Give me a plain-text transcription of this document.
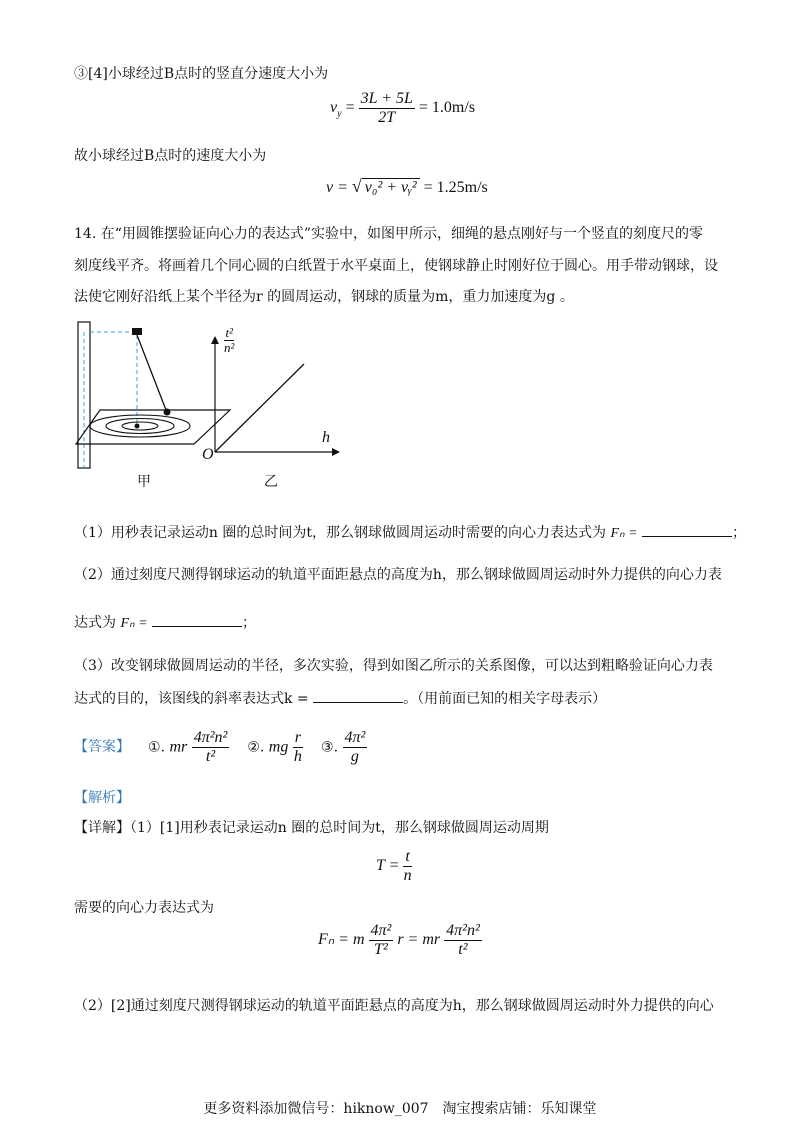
③[4]小球经过B点时的竖直分速度大小为
$v_y = \frac{3L + 5L}{2T} = 1.0m/s$
故小球经过B点时的速度大小为
v = √ v₀² + vᵧ² = 1.25m/s
14. 在“用圆锥摆验证向心力的表达式”实验中，如图甲所示，细绳的悬点刚好与一个竖直的刻度尺的零
刻度线平齐。将画着几个同心圆的白纸置于水平桌面上，使钢球静止时刚好位于圆心。用手带动钢球，设
法使它刚好沿纸上某个半径为r 的圆周运动，钢球的质量为m，重力加速度为g 。
$\frac{\text{t²}}{\text{n²}}$
h
O
甲	乙
（1）用秒表记录运动n 圈的总时间为t，那么钢球做圆周运动时需要的向心力表达式为 Fₙ =	；
（2）通过刻度尺测得钢球运动的轨道平面距悬点的高度为h，那么钢球做圆周运动时外力提供的向心力表
达式为 Fₙ =	；
（3）改变钢球做圆周运动的半径，多次实验，得到如图乙所示的关系图像，可以达到粗略验证向心力表
达式的目的，该图线的斜率表达式k =	。（用前面已知的相关字母表示）
【答案】 ①. mr $\frac{\text{4π²n²}}{\text{t²}}$ ②. mg $\frac{r}{h}$ ③. $\frac{\text{4π²}}{g}$
【解析】
【详解】（1）[1]用秒表记录运动n 圈的总时间为t，那么钢球做圆周运动周期
$T = \frac{t}{n}$
需要的向心力表达式为
Fₙ = m $\frac{\text{4π²}}{\text{T²}}$ r = mr $\frac{\text{4π²n²}}{\text{t²}}$
（2）[2]通过刻度尺测得钢球运动的轨道平面距悬点的高度为h，那么钢球做圆周运动时外力提供的向心
更多资料添加微信号：hiknow_007　淘宝搜索店铺：乐知课堂
